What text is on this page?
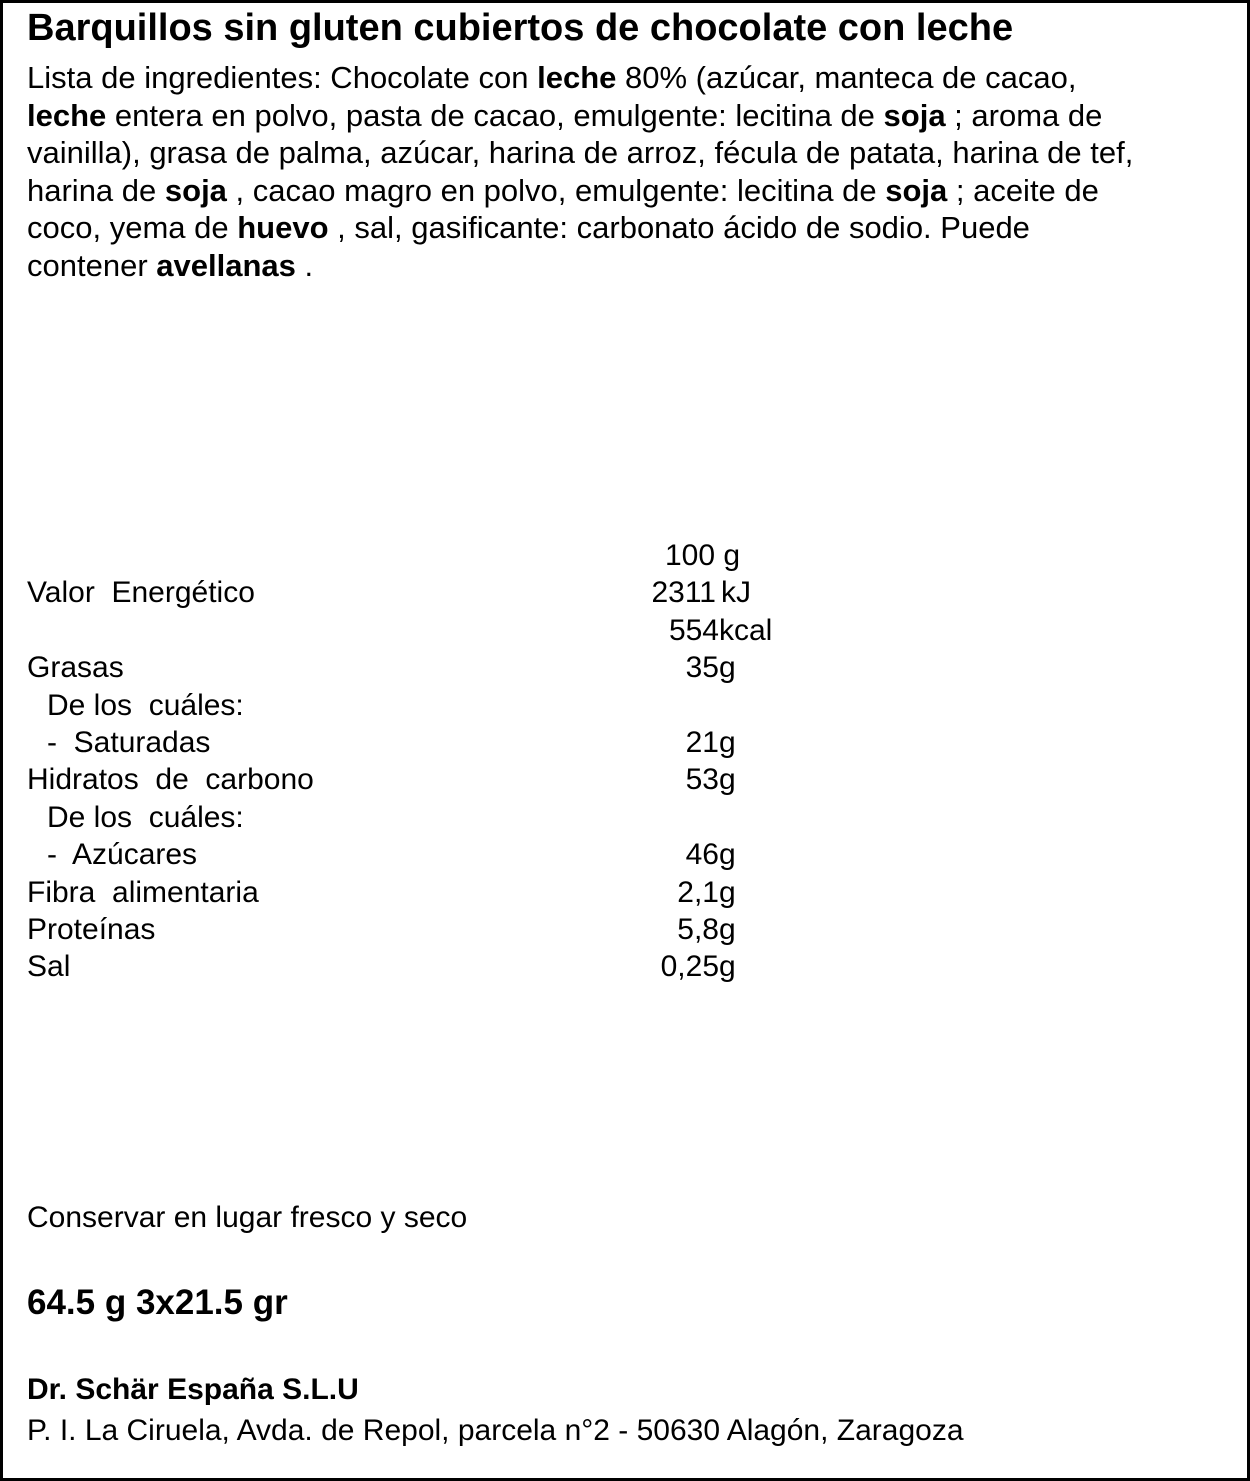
Barquillos sin gluten cubiertos de chocolate con leche
Lista de ingredientes: Chocolate con leche 80% (azúcar, manteca de cacao,
leche entera en polvo, pasta de cacao, emulgente: lecitina de soja ; aroma de
vainilla), grasa de palma, azúcar, harina de arroz, fécula de patata, harina de tef,
harina de soja , cacao magro en polvo, emulgente: lecitina de soja ; aceite de
coco, yema de huevo , sal, gasificante: carbonato ácido de sodio. Puede
contener avellanas .
100 g
Valor  Energético	2311 kJ
554 kcal
Grasas	35 g
De los  cuáles:
-  Saturadas	21 g
Hidratos  de  carbono	53 g
De los  cuáles:
-  Azúcares	46 g
Fibra  alimentaria	2,1 g
Proteínas	5,8 g
Sal	0,25 g
Conservar en lugar fresco y seco
64.5 g 3x21.5 gr
Dr. Schär España S.L.U
P. I. La Ciruela, Avda. de Repol, parcela n°2 - 50630 Alagón, Zaragoza
